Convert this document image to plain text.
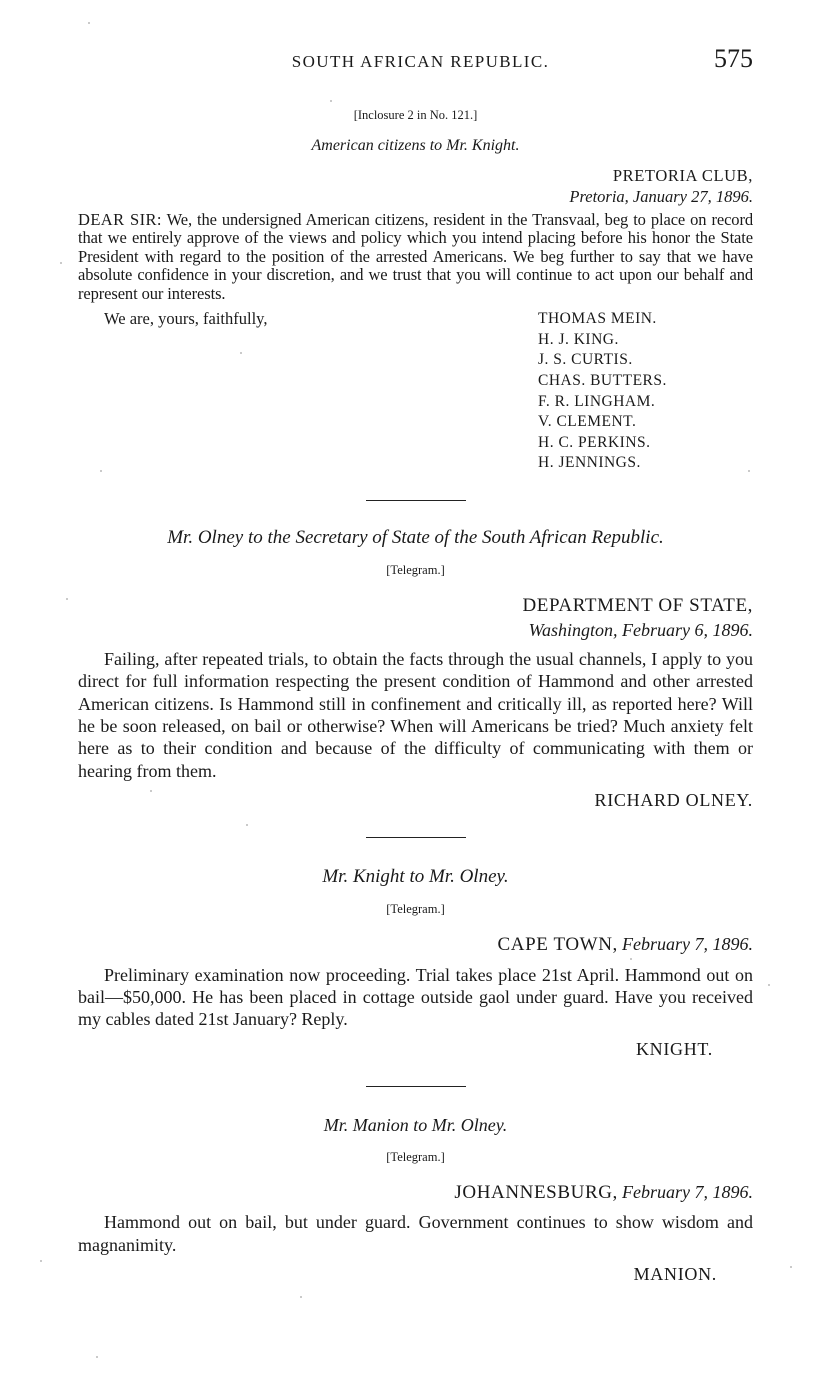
SOUTH AFRICAN REPUBLIC.	575
[Inclosure 2 in No. 121.]
American citizens to Mr. Knight.
PRETORIA CLUB,
Pretoria, January 27, 1896.
DEAR SIR: We, the undersigned American citizens, resident in the Transvaal, beg to place on record that we entirely approve of the views and policy which you intend placing before his honor the State President with regard to the position of the arrested Americans. We beg further to say that we have absolute confidence in your discretion, and we trust that you will continue to act upon our behalf and represent our interests.
We are, yours, faithfully,	THOMAS MEIN.
H. J. KING.
J. S. CURTIS.
CHAS. BUTTERS.
F. R. LINGHAM.
V. CLEMENT.
H. C. PERKINS.
H. JENNINGS.
Mr. Olney to the Secretary of State of the South African Republic.
[Telegram.]
DEPARTMENT OF STATE,
Washington, February 6, 1896.
Failing, after repeated trials, to obtain the facts through the usual channels, I apply to you direct for full information respecting the present condition of Hammond and other arrested American citizens. Is Hammond still in confinement and critically ill, as reported here? Will he be soon released, on bail or otherwise? When will Americans be tried? Much anxiety felt here as to their condition and because of the difficulty of communicating with them or hearing from them.
RICHARD OLNEY.
Mr. Knight to Mr. Olney.
[Telegram.]
CAPE TOWN, February 7, 1896.
Preliminary examination now proceeding. Trial takes place 21st April. Hammond out on bail—$50,000. He has been placed in cottage outside gaol under guard. Have you received my cables dated 21st January? Reply.
KNIGHT.
Mr. Manion to Mr. Olney.
[Telegram.]
JOHANNESBURG, February 7, 1896.
Hammond out on bail, but under guard. Government continues to show wisdom and magnanimity.
MANION.
